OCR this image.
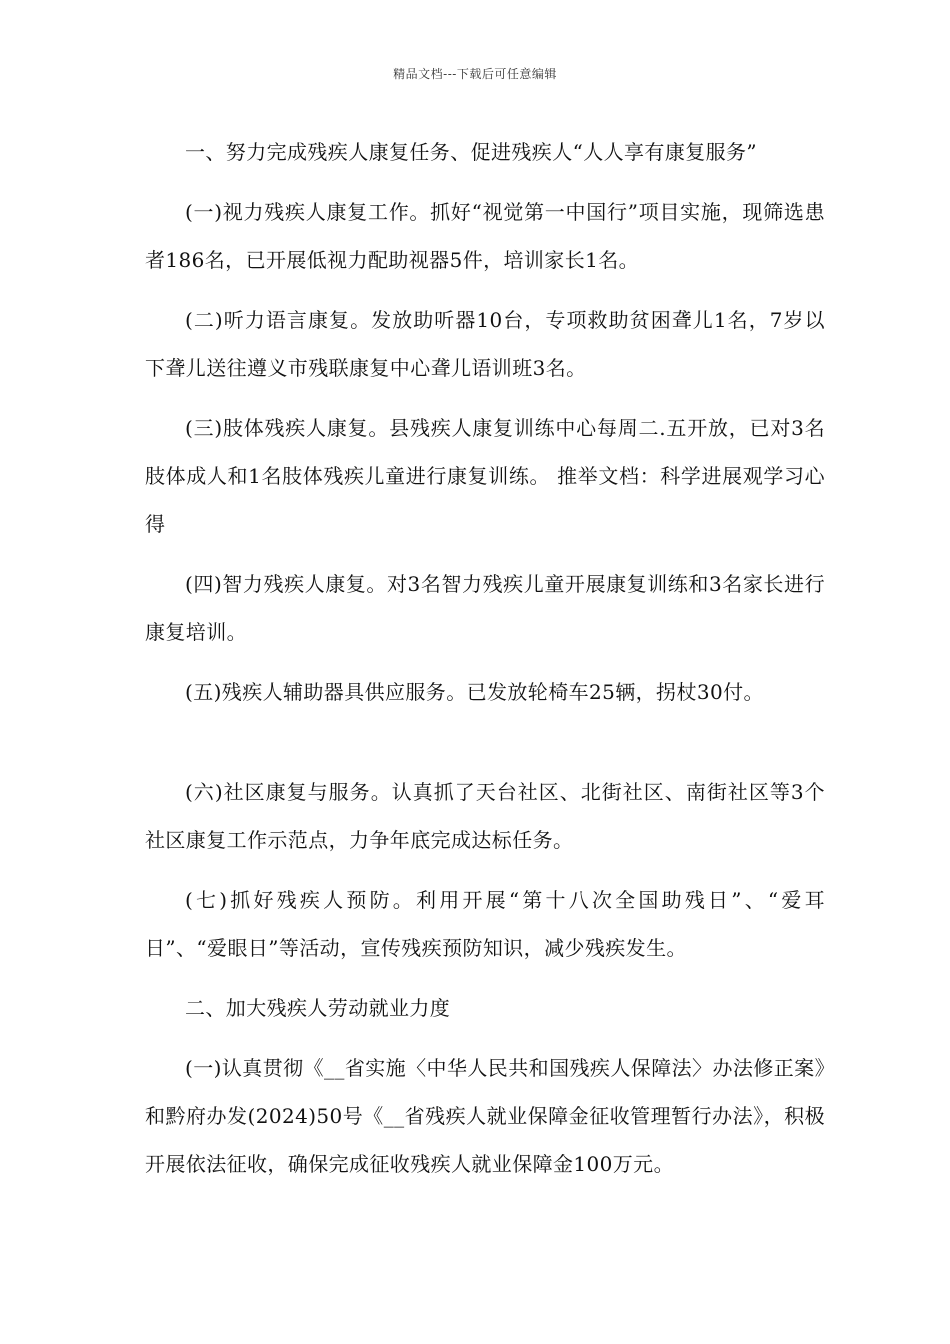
精品文档---下载后可任意编辑

一、努力完成残疾人康复任务、促进残疾人“人人享有康复服务”

(一)视力残疾人康复工作。抓好“视觉第一中国行”项目实施，现筛选患者186名，已开展低视力配助视器5件，培训家长1名。

(二)听力语言康复。发放助听器10台，专项救助贫困聋儿1名，7岁以下聋儿送往遵义市残联康复中心聋儿语训班3名。

(三)肢体残疾人康复。县残疾人康复训练中心每周二.五开放，已对3名肢体成人和1名肢体残疾儿童进行康复训练。 推举文档：科学进展观学习心得

(四)智力残疾人康复。对3名智力残疾儿童开展康复训练和3名家长进行康复培训。

(五)残疾人辅助器具供应服务。已发放轮椅车25辆，拐杖30付。

(六)社区康复与服务。认真抓了天台社区、北街社区、南街社区等3个社区康复工作示范点，力争年底完成达标任务。

(七)抓好残疾人预防。利用开展“第十八次全国助残日”、“爱耳日”、“爱眼日”等活动，宣传残疾预防知识，减少残疾发生。

二、加大残疾人劳动就业力度

(一)认真贯彻《__省实施〈中华人民共和国残疾人保障法〉办法修正案》和黔府办发(2024)50号《__省残疾人就业保障金征收管理暂行办法》，积极开展依法征收，确保完成征收残疾人就业保障金100万元。
